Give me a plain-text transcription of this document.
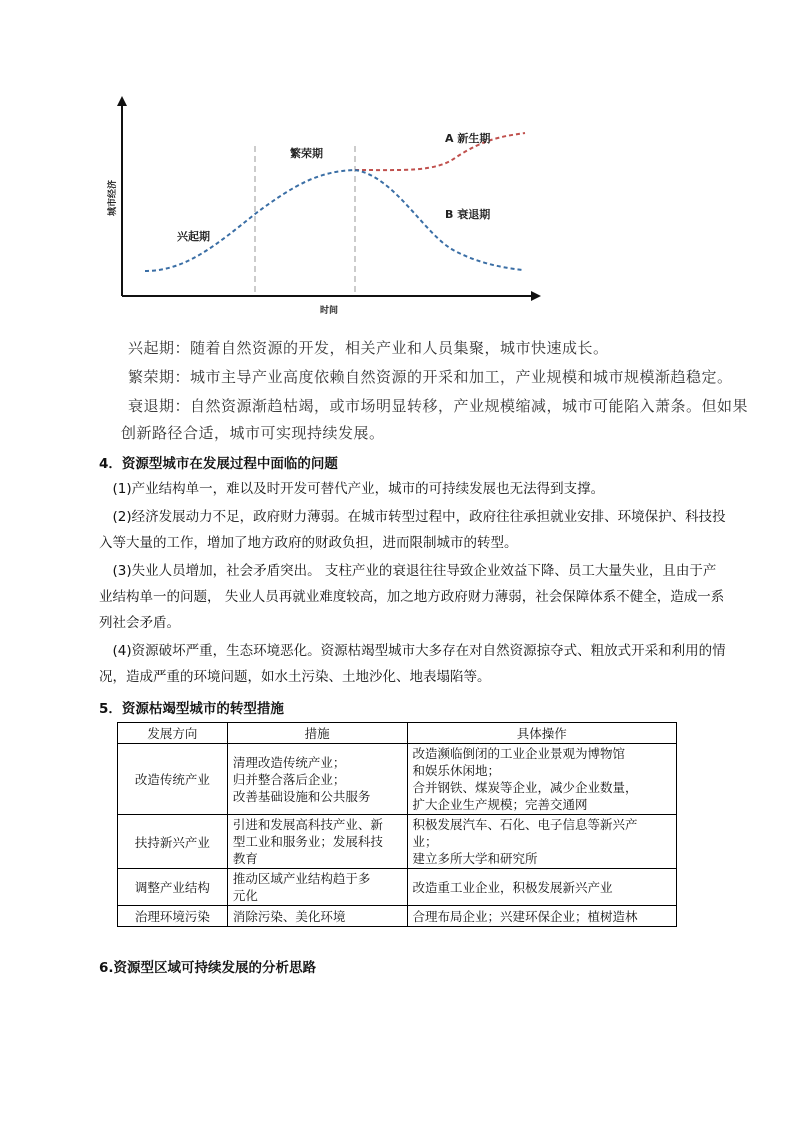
城市经济
时间
兴起期
繁荣期
A 新生期
B 衰退期
兴起期：随着自然资源的开发，相关产业和人员集聚，城市快速成长。
繁荣期：城市主导产业高度依赖自然资源的开采和加工，产业规模和城市规模渐趋稳定。
衰退期：自然资源渐趋枯竭，或市场明显转移，产业规模缩减，城市可能陷入萧条。但如果
创新路径合适，城市可实现持续发展。
4．资源型城市在发展过程中面临的问题
(1)产业结构单一，难以及时开发可替代产业，城市的可持续发展也无法得到支撑。
(2)经济发展动力不足，政府财力薄弱。在城市转型过程中，政府往往承担就业安排、环境保护、科技投入等大量的工作，增加了地方政府的财政负担，进而限制城市的转型。
(3)失业人员增加，社会矛盾突出。 支柱产业的衰退往往导致企业效益下降、员工大量失业，且由于产业结构单一的问题， 失业人员再就业难度较高，加之地方政府财力薄弱，社会保障体系不健全，造成一系列社会矛盾。
(4)资源破坏严重，生态环境恶化。资源枯竭型城市大多存在对自然资源掠夺式、粗放式开采和利用的情况，造成严重的环境问题，如水土污染、土地沙化、地表塌陷等。
5．资源枯竭型城市的转型措施
发展方向	措施	具体操作
改造传统产业	清理改造传统产业；
归并整合落后企业；
改善基础设施和公共服务	改造濒临倒闭的工业企业景观为博物馆
和娱乐休闲地；
合并钢铁、煤炭等企业，减少企业数量，
扩大企业生产规模；完善交通网

扶持新兴产业	引进和发展高科技产业、新
型工业和服务业；发展科技
教育	积极发展汽车、石化、电子信息等新兴产
业；
建立多所大学和研究所

调整产业结构	推动区域产业结构趋于多
元化	改造重工业企业，积极发展新兴产业

治理环境污染	消除污染、美化环境	合理布局企业；兴建环保企业；植树造林
6.资源型区域可持续发展的分析思路
